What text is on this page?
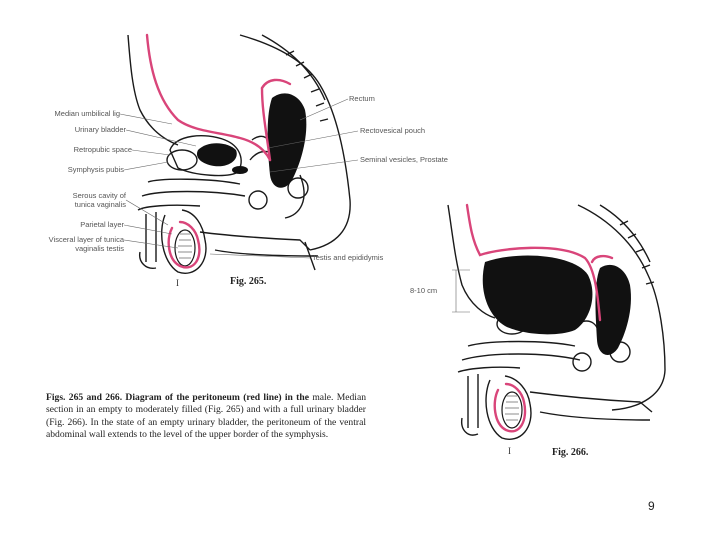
Median umbilical lig
Urinary bladder
Retropubic space
Symphysis pubis
Serous cavity of
tunica vaginalis
Parietal layer
Visceral layer of tunica
vaginalis testis
Rectum
Rectovesical pouch
Seminal vesicles, Prostate
Testis and epididymis
I	Fig. 265.
8-10 cm
I	Fig. 266.
Figs. 265 and 266. Diagram of the peritoneum (red line) in the male. Median section in an empty to moderately filled (Fig. 265) and with a full urinary bladder (Fig. 266). In the state of an empty urinary bladder, the peritoneum of the ventral abdominal wall extends to the level of the upper border of the symphysis.
9
